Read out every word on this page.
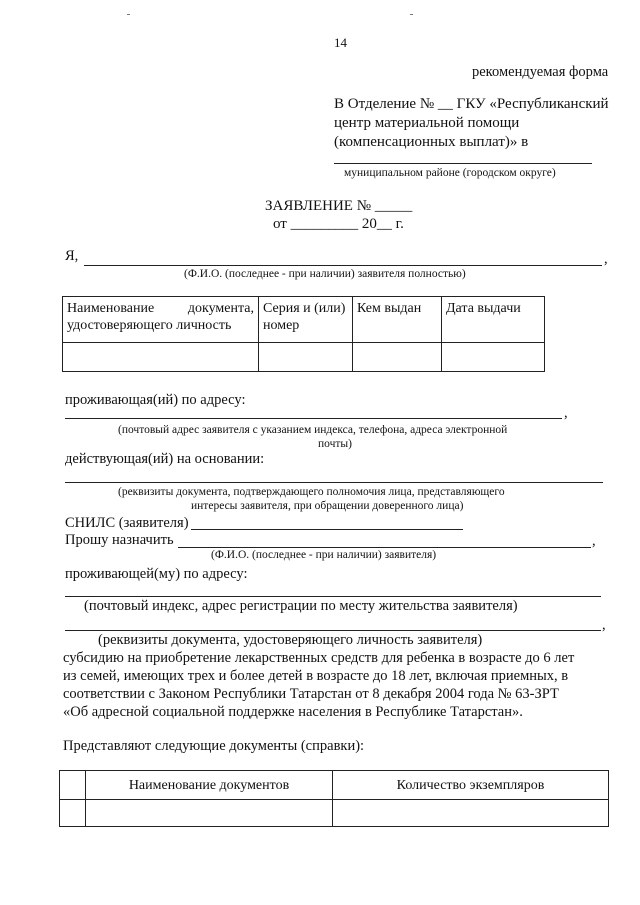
14
рекомендуемая форма
В Отделение № __ ГКУ «Республиканский
центр материальной помощи
(компенсационных выплат)» в
муниципальном районе (городском округе)
ЗАЯВЛЕНИЕ № _____
от _________ 20__ г.
Я,	,
(Ф.И.О. (последнее - при наличии) заявителя полностью)
Наименование документа, удостоверяющего личность	Серия и (или) номер	Кем выдан	Дата выдачи

проживающая(ий) по адресу:
,
(почтовый адрес заявителя с указанием индекса, телефона, адреса электронной
почты)
действующая(ий) на основании:
(реквизиты документа, подтверждающего полномочия лица, представляющего
интересы заявителя, при обращении доверенного лица)
СНИЛС (заявителя)
Прошу назначить	,
(Ф.И.О. (последнее - при наличии) заявителя)
проживающей(му) по адресу:
(почтовый индекс, адрес регистрации по месту жительства заявителя)
,
(реквизиты документа, удостоверяющего личность заявителя)
субсидию на приобретение лекарственных средств для ребенка в возрасте до 6 лет
из семей, имеющих трех и более детей в возрасте до 18 лет, включая приемных, в
соответствии с Законом Республики Татарстан от 8 декабря 2004 года № 63-ЗРТ
«Об адресной социальной поддержке населения в Республике Татарстан».
Представляют следующие документы (справки):
	Наименование документов	Количество экземпляров
